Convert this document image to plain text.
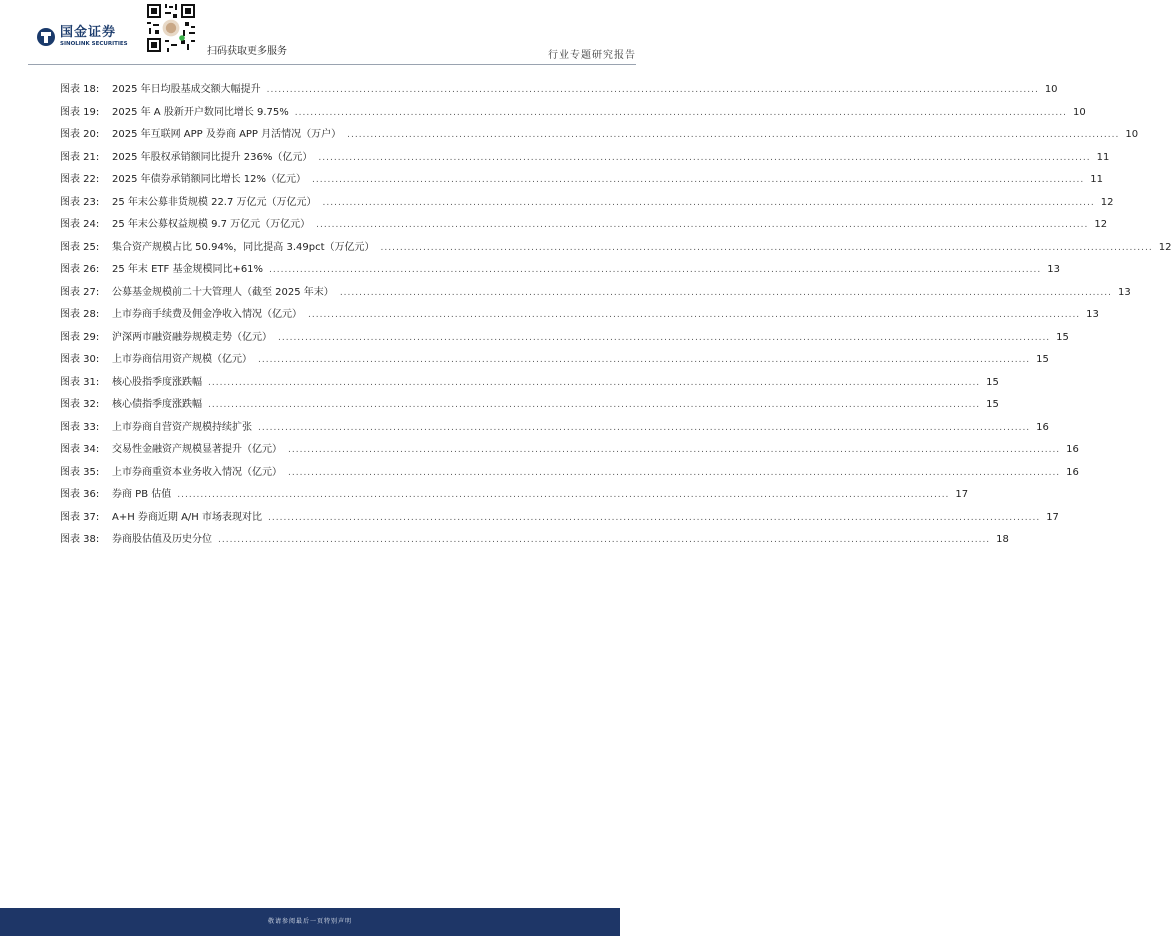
国金证券
SINOLINK SECURITIES
扫码获取更多服务	行业专题研究报告
图表 18:	2025 年日均股基成交额大幅提升 ........................................................................................................................................................................................................ 10
图表 19:	2025 年 A 股新开户数同比增长 9.75% ........................................................................................................................................................................................................ 10
图表 20:	2025 年互联网 APP 及券商 APP 月活情况（万户） ........................................................................................................................................................................................................ 10
图表 21:	2025 年股权承销额同比提升 236%（亿元） ........................................................................................................................................................................................................ 11
图表 22:	2025 年债券承销额同比增长 12%（亿元） ........................................................................................................................................................................................................ 11
图表 23:	25 年末公募非货规模 22.7 万亿元（万亿元） ........................................................................................................................................................................................................ 12
图表 24:	25 年末公募权益规模 9.7 万亿元（万亿元） ........................................................................................................................................................................................................ 12
图表 25:	集合资产规模占比 50.94%，同比提高 3.49pct（万亿元） ........................................................................................................................................................................................................ 12
图表 26:	25 年末 ETF 基金规模同比+61% ........................................................................................................................................................................................................ 13
图表 27:	公募基金规模前二十大管理人（截至 2025 年末） ........................................................................................................................................................................................................ 13
图表 28:	上市券商手续费及佣金净收入情况（亿元） ........................................................................................................................................................................................................ 13
图表 29:	沪深两市融资融券规模走势（亿元） ........................................................................................................................................................................................................ 15
图表 30:	上市券商信用资产规模（亿元） ........................................................................................................................................................................................................ 15
图表 31:	核心股指季度涨跌幅 ........................................................................................................................................................................................................ 15
图表 32:	核心债指季度涨跌幅 ........................................................................................................................................................................................................ 15
图表 33:	上市券商自营资产规模持续扩张 ........................................................................................................................................................................................................ 16
图表 34:	交易性金融资产规模显著提升（亿元） ........................................................................................................................................................................................................ 16
图表 35:	上市券商重资本业务收入情况（亿元） ........................................................................................................................................................................................................ 16
图表 36:	券商 PB 估值 ........................................................................................................................................................................................................ 17
图表 37:	A+H 券商近期 A/H 市场表现对比 ........................................................................................................................................................................................................ 17
图表 38:	券商股估值及历史分位 ........................................................................................................................................................................................................ 18
敬请参阅最后一页特别声明
